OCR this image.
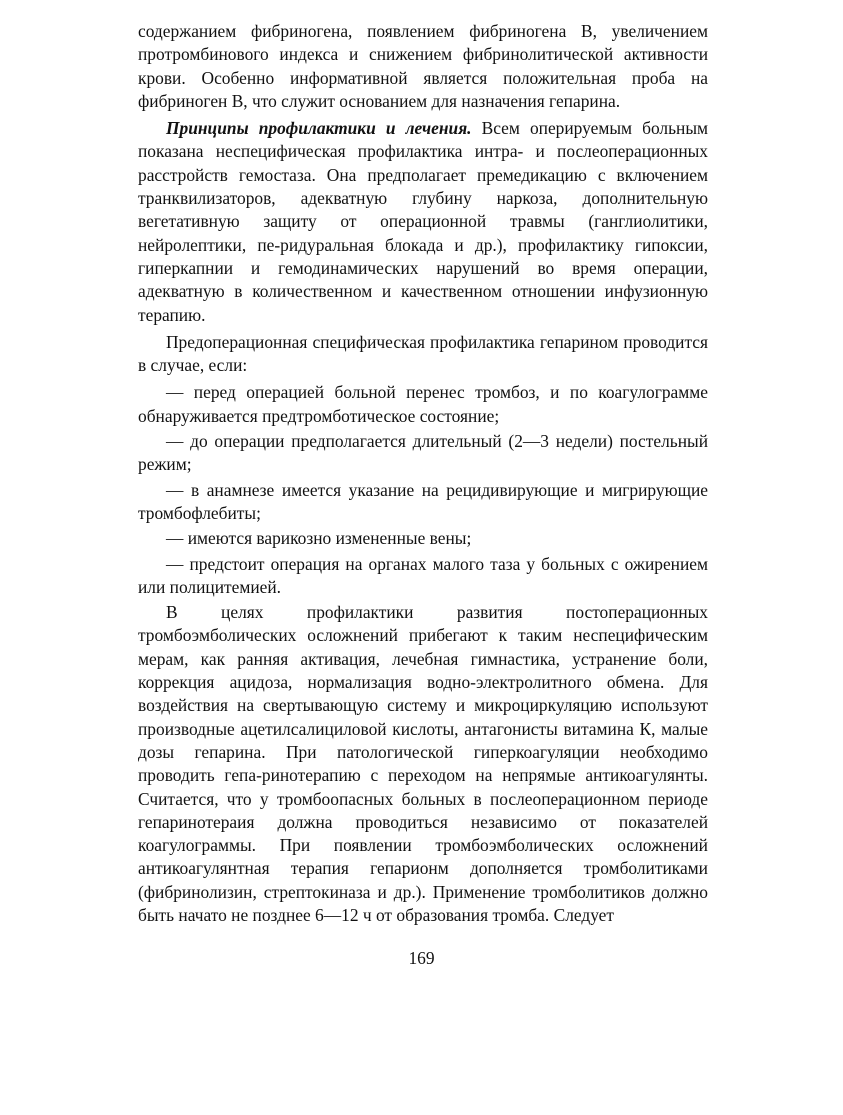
содержанием фибриногена, появлением фибриногена В, увеличением протромбинового индекса и снижением фибринолитической активности крови. Особенно информативной является положительная проба на фибриноген В, что служит основанием для назначения гепарина.

Принципы профилактики и лечения. Всем оперируемым больным показана неспецифическая профилактика интра- и послеоперационных расстройств гемостаза. Она предполагает премедикацию с включением транквилизаторов, адекватную глубину наркоза, дополнительную вегетативную защиту от операционной травмы (ганглиолитики, нейролептики, пе-ридуральная блокада и др.), профилактику гипоксии, гиперкапнии и гемодинамических нарушений во время операции, адекватную в количественном и качественном отношении инфузионную терапию.

Предоперационная специфическая профилактика гепарином проводится в случае, если:

— перед операцией больной перенес тромбоз, и по коагулограмме обнаруживается предтромботическое состояние;

— до операции предполагается длительный (2—3 недели) постельный режим;

— в анамнезе имеется указание на рецидивирующие и мигрирующие тромбофлебиты;

— имеются варикозно измененные вены;

— предстоит операция на органах малого таза у больных с ожирением или полицитемией.

В целях профилактики развития постоперационных тромбоэмболических осложнений прибегают к таким неспецифическим мерам, как ранняя активация, лечебная гимнастика, устранение боли, коррекция ацидоза, нормализация водно-электролитного обмена. Для воздействия на свертывающую систему и микроциркуляцию используют производные ацетилсалициловой кислоты, антагонисты витамина К, малые дозы гепарина. При патологической гиперкоагуляции необходимо проводить гепа-ринотерапию с переходом на непрямые антикоагулянты. Считается, что у тромбоопасных больных в послеоперационном периоде гепаринотераия должна проводиться независимо от показателей коагулограммы. При появлении тромбоэмболических осложнений антикоагулянтная терапия гепарионм дополняется тромболитиками (фибринолизин, стрептокиназа и др.). Применение тромболитиков должно быть начато не позднее 6—12 ч от образования тромба. Следует

169
